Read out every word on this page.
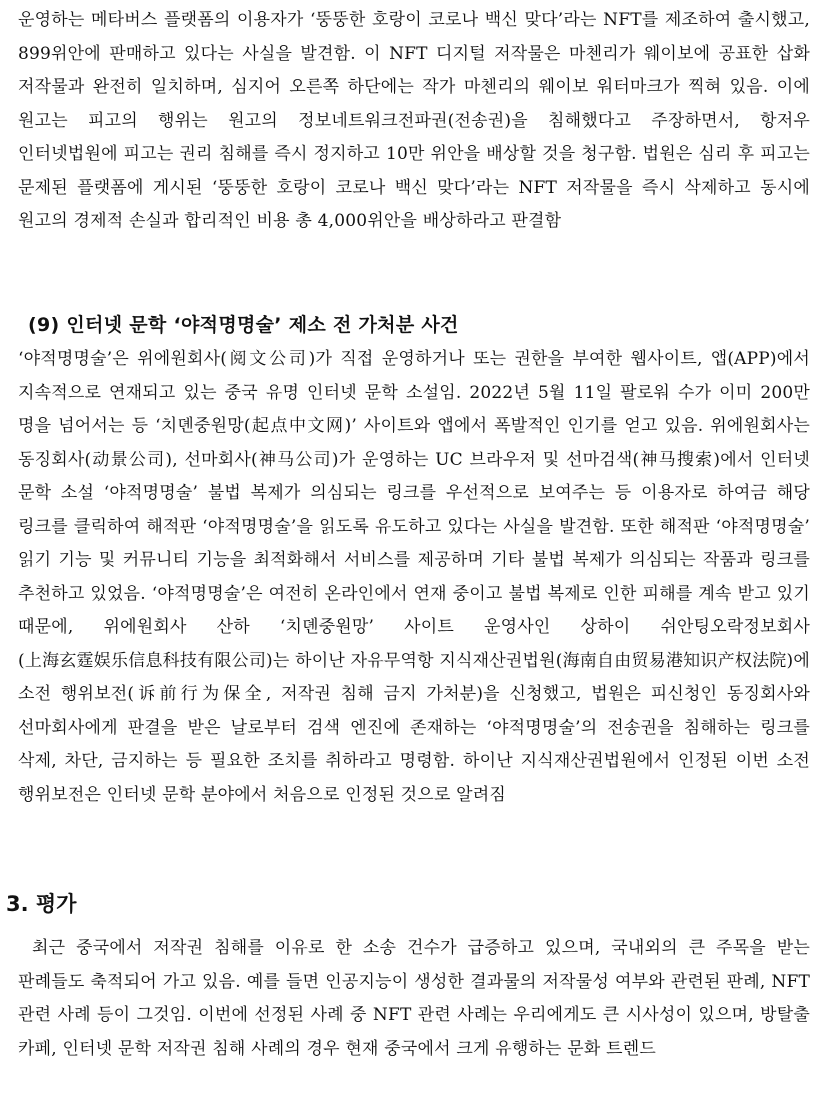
운영하는 메타버스 플랫폼의 이용자가 ‘뚱뚱한 호랑이 코로나 백신 맞다’라는 NFT를 제조하여 출시했고, 899위안에 판매하고 있다는 사실을 발견함. 이 NFT 디지털 저작물은 마첸리가 웨이보에 공표한 삽화 저작물과 완전히 일치하며, 심지어 오른쪽 하단에는 작가 마첸리의 웨이보 워터마크가 찍혀 있음. 이에 원고는 피고의 행위는 원고의 정보네트워크전파권(전송권)을 침해했다고 주장하면서, 항저우 인터넷법원에 피고는 권리 침해를 즉시 정지하고 10만 위안을 배상할 것을 청구함. 법원은 심리 후 피고는 문제된 플랫폼에 게시된 ‘뚱뚱한 호랑이 코로나 백신 맞다’라는 NFT 저작물을 즉시 삭제하고 동시에 원고의 경제적 손실과 합리적인 비용 총 4,000위안을 배상하라고 판결함

(9) 인터넷 문학 ‘야적명명술’ 제소 전 가처분 사건

‘야적명명술’은 위에원회사(阅文公司)가 직접 운영하거나 또는 권한을 부여한 웹사이트, 앱(APP)에서 지속적으로 연재되고 있는 중국 유명 인터넷 문학 소설임. 2022년 5월 11일 팔로워 수가 이미 200만 명을 넘어서는 등 ‘치뎬중원망(起点中文网)’ 사이트와 앱에서 폭발적인 인기를 얻고 있음. 위에원회사는 동징회사(动景公司), 선마회사(神马公司)가 운영하는 UC 브라우저 및 선마검색(神马搜索)에서 인터넷 문학 소설 ‘야적명명술’ 불법 복제가 의심되는 링크를 우선적으로 보여주는 등 이용자로 하여금 해당 링크를 클릭하여 해적판 ‘야적명명술’을 읽도록 유도하고 있다는 사실을 발견함. 또한 해적판 ‘야적명명술’ 읽기 기능 및 커뮤니티 기능을 최적화해서 서비스를 제공하며 기타 불법 복제가 의심되는 작품과 링크를 추천하고 있었음. ‘야적명명술’은 여전히 온라인에서 연재 중이고 불법 복제로 인한 피해를 계속 받고 있기 때문에, 위에원회사 산하 ‘치뎬중원망’ 사이트 운영사인 상하이 쉬안팅오락정보회사(上海玄霆娱乐信息科技有限公司)는 하이난 자유무역항 지식재산권법원(海南自由贸易港知识产权法院)에 소전 행위보전(诉前行为保全, 저작권 침해 금지 가처분)을 신청했고, 법원은 피신청인 동징회사와 선마회사에게 판결을 받은 날로부터 검색 엔진에 존재하는 ‘야적명명술’의 전송권을 침해하는 링크를 삭제, 차단, 금지하는 등 필요한 조치를 취하라고 명령함. 하이난 지식재산권법원에서 인정된 이번 소전 행위보전은 인터넷 문학 분야에서 처음으로 인정된 것으로 알려짐

3. 평가

최근 중국에서 저작권 침해를 이유로 한 소송 건수가 급증하고 있으며, 국내외의 큰 주목을 받는 판례들도 축적되어 가고 있음. 예를 들면 인공지능이 생성한 결과물의 저작물성 여부와 관련된 판례, NFT 관련 사례 등이 그것임. 이번에 선정된 사례 중 NFT 관련 사례는 우리에게도 큰 시사성이 있으며, 방탈출 카페, 인터넷 문학 저작권 침해 사례의 경우 현재 중국에서 크게 유행하는 문화 트렌드
